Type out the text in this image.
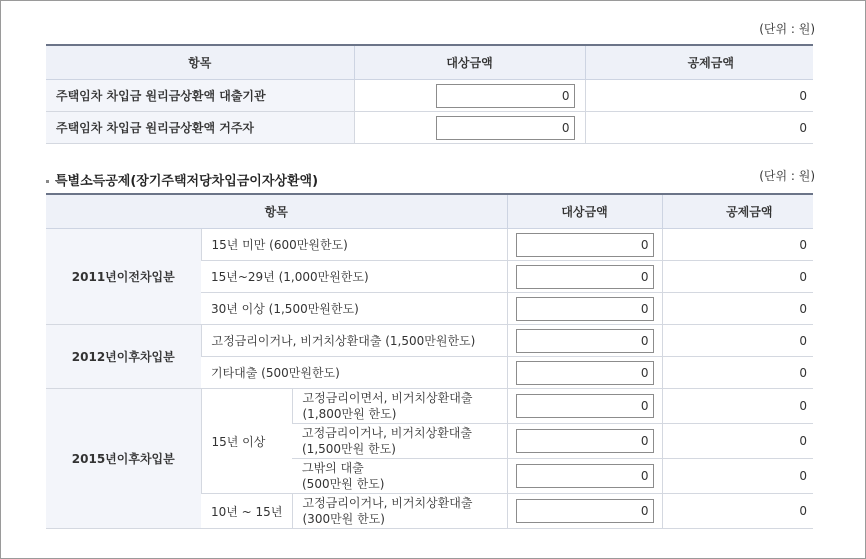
(단위 : 원)
항목	대상금액	공제금액
주택임차 차입금 원리금상환액 대출기관	0	0
주택임차 차입금 원리금상환액 거주자	0	0
특별소득공제(장기주택저당차입금이자상환액)	(단위 : 원)
항목			대상금액	공제금액
2011년이전차입분	15년 미만 (600만원한도)		0	0
	15년~29년 (1,000만원한도)		0	0
	30년 이상 (1,500만원한도)		0	0
2012년이후차입분	고정금리이거나, 비거치상환대출 (1,500만원한도)		0	0
	기타대출 (500만원한도)		0	0
2015년이후차입분	15년 이상	고정금리이면서, 비거치상환대출
(1,800만원 한도)	0	0
		고정금리이거나, 비거치상환대출
(1,500만원 한도)	0	0
		그밖의 대출
(500만원 한도)	0	0
	10년 ~ 15년	고정금리이거나, 비거치상환대출
(300만원 한도)	0	0
